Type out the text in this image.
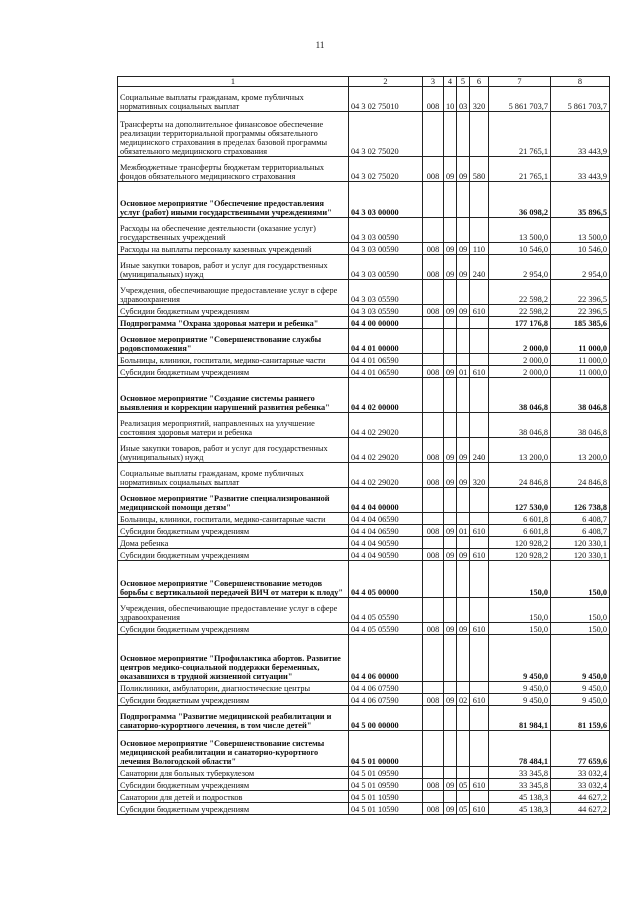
11
1	2	3	4	5	6	7	8
Социальные выплаты гражданам, кроме публичных нормативных социальных выплат	04 3 02 75010	008	10	03	320	5 861 703,7	5 861 703,7
Трансферты на дополнительное финансовое обеспечение реализации территориальной программы обязательного медицинского страхования в пределах базовой программы обязательного медицинского страхования	04 3 02 75020					21 765,1	33 443,9
Межбюджетные трансферты бюджетам территориальных фондов обязательного медицинского страхования	04 3 02 75020	008	09	09	580	21 765,1	33 443,9
Основное мероприятие "Обеспечение предоставления услуг (работ) иными государственными учреждениями"	04 3 03 00000					36 098,2	35 896,5
Расходы на обеспечение деятельности (оказание услуг) государственных учреждений	04 3 03 00590					13 500,0	13 500,0
Расходы на выплаты персоналу казенных учреждений	04 3 03 00590	008	09	09	110	10 546,0	10 546,0
Иные закупки товаров, работ и услуг для государственных (муниципальных) нужд	04 3 03 00590	008	09	09	240	2 954,0	2 954,0
Учреждения, обеспечивающие предоставление услуг в сфере здравоохранения	04 3 03 05590					22 598,2	22 396,5
Субсидии бюджетным учреждениям	04 3 03 05590	008	09	09	610	22 598,2	22 396,5
Подпрограмма "Охрана здоровья матери и ребенка"	04 4 00 00000					177 176,8	185 385,6
Основное мероприятие "Совершенствование службы родовспоможения"	04 4 01 00000					2 000,0	11 000,0
Больницы, клиники, госпитали, медико-санитарные части	04 4 01 06590					2 000,0	11 000,0
Субсидии бюджетным учреждениям	04 4 01 06590	008	09	01	610	2 000,0	11 000,0
Основное мероприятие "Создание системы раннего выявления и коррекции нарушений развития ребенка"	04 4 02 00000					38 046,8	38 046,8
Реализация мероприятий, направленных на улучшение состояния здоровья матери и ребенка	04 4 02 29020					38 046,8	38 046,8
Иные закупки товаров, работ и услуг для государственных (муниципальных) нужд	04 4 02 29020	008	09	09	240	13 200,0	13 200,0
Социальные выплаты гражданам, кроме публичных нормативных социальных выплат	04 4 02 29020	008	09	09	320	24 846,8	24 846,8
Основное мероприятие "Развитие специализированной медицинской помощи детям"	04 4 04 00000					127 530,0	126 738,8
Больницы, клиники, госпитали, медико-санитарные части	04 4 04 06590					6 601,8	6 408,7
Субсидии бюджетным учреждениям	04 4 04 06590	008	09	01	610	6 601,8	6 408,7
Дома ребенка	04 4 04 90590					120 928,2	120 330,1
Субсидии бюджетным учреждениям	04 4 04 90590	008	09	09	610	120 928,2	120 330,1
Основное мероприятие "Совершенствование методов борьбы с вертикальной передачей ВИЧ от матери к плоду"	04 4 05 00000					150,0	150,0
Учреждения, обеспечивающие предоставление услуг в сфере здравоохранения	04 4 05 05590					150,0	150,0
Субсидии бюджетным учреждениям	04 4 05 05590	008	09	09	610	150,0	150,0
Основное мероприятие "Профилактика абортов. Развитие центров медико-социальной поддержки беременных, оказавшихся в трудной жизненной ситуации"	04 4 06 00000					9 450,0	9 450,0
Поликлиники, амбулатории, диагностические центры	04 4 06 07590					9 450,0	9 450,0
Субсидии бюджетным учреждениям	04 4 06 07590	008	09	02	610	9 450,0	9 450,0
Подпрограмма "Развитие медицинской реабилитации и санаторно-курортного лечения, в том числе детей"	04 5 00 00000					81 984,1	81 159,6
Основное мероприятие "Совершенствование системы медицинской реабилитации и санаторно-курортного лечения Вологодской области"	04 5 01 00000					78 484,1	77 659,6
Санатории для больных туберкулезом	04 5 01 09590					33 345,8	33 032,4
Субсидии бюджетным учреждениям	04 5 01 09590	008	09	05	610	33 345,8	33 032,4
Санатории для детей и подростков	04 5 01 10590					45 138,3	44 627,2
Субсидии бюджетным учреждениям	04 5 01 10590	008	09	05	610	45 138,3	44 627,2
